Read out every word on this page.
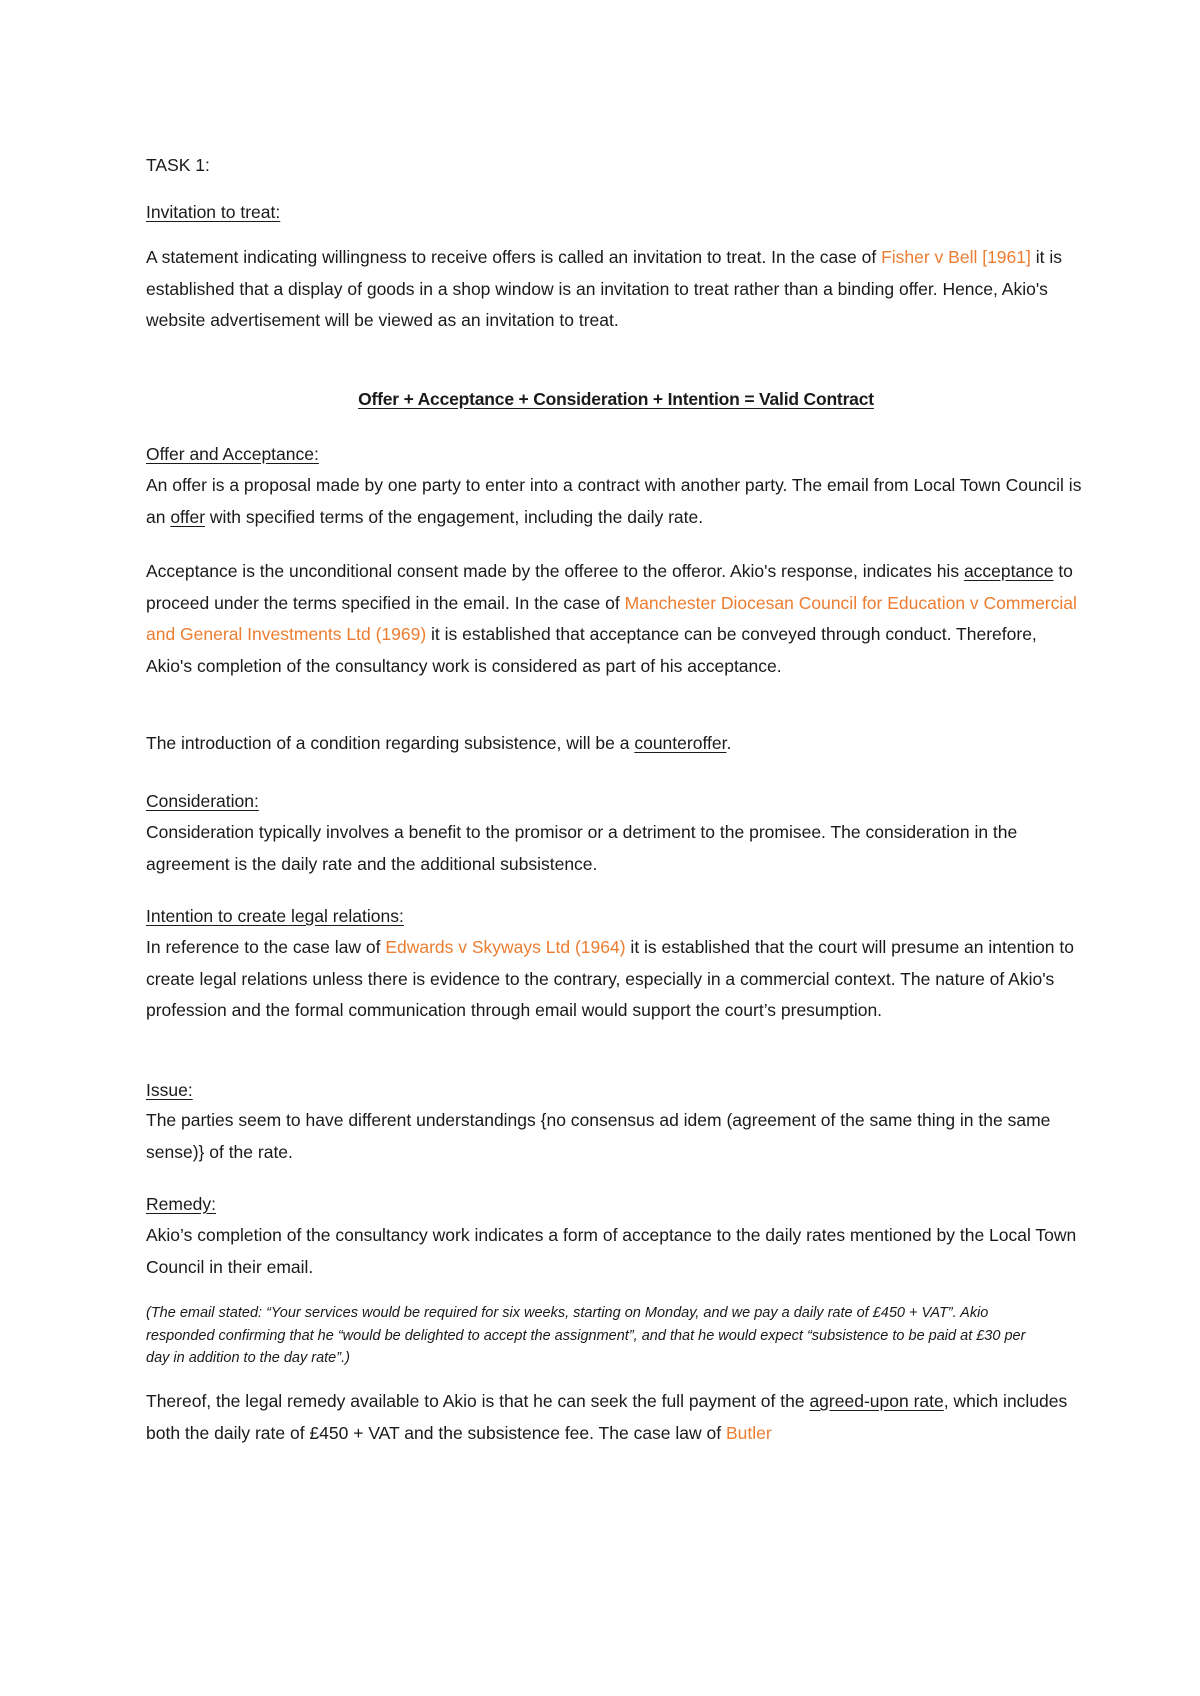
TASK 1:
Invitation to treat:

A statement indicating willingness to receive offers is called an invitation to treat. In the case of Fisher v Bell [1961] it is established that a display of goods in a shop window is an invitation to treat rather than a binding offer. Hence, Akio's website advertisement will be viewed as an invitation to treat.

Offer + Acceptance + Consideration + Intention = Valid Contract
Offer and Acceptance:

An offer is a proposal made by one party to enter into a contract with another party. The email from Local Town Council is an offer with specified terms of the engagement, including the daily rate.

Acceptance is the unconditional consent made by the offeree to the offeror. Akio's response, indicates his acceptance to proceed under the terms specified in the email. In the case of Manchester Diocesan Council for Education v Commercial and General Investments Ltd (1969) it is established that acceptance can be conveyed through conduct. Therefore, Akio's completion of the consultancy work is considered as part of his acceptance.

The introduction of a condition regarding subsistence, will be a counteroffer.

Consideration:

Consideration typically involves a benefit to the promisor or a detriment to the promisee. The consideration in the agreement is the daily rate and the additional subsistence.

Intention to create legal relations:

In reference to the case law of Edwards v Skyways Ltd (1964) it is established that the court will presume an intention to create legal relations unless there is evidence to the contrary, especially in a commercial context. The nature of Akio's profession and the formal communication through email would support the court’s presumption.

Issue:

The parties seem to have different understandings {no consensus ad idem (agreement of the same thing in the same sense)} of the rate.

Remedy:

Akio’s completion of the consultancy work indicates a form of acceptance to the daily rates mentioned by the Local Town Council in their email.

(The email stated: “Your services would be required for six weeks, starting on Monday, and we pay a daily rate of £450 + VAT”. Akio responded confirming that he “would be delighted to accept the assignment”, and that he would expect “subsistence to be paid at £30 per day in addition to the day rate”.)

Thereof, the legal remedy available to Akio is that he can seek the full payment of the agreed-upon rate, which includes both the daily rate of £450 + VAT and the subsistence fee. The case law of Butler
